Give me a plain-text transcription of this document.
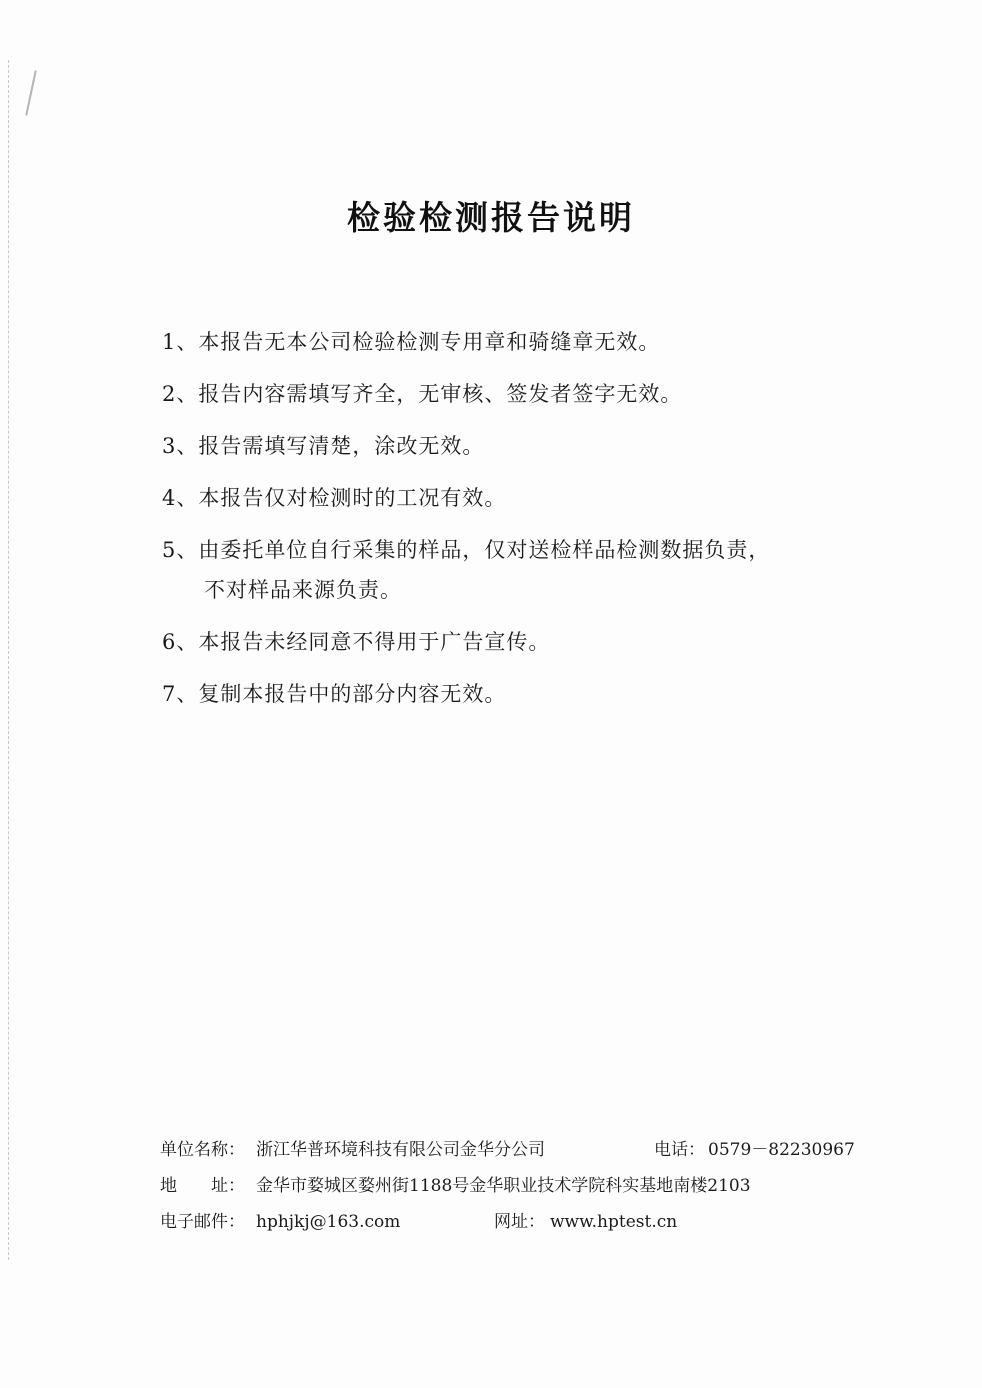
检验检测报告说明
1、本报告无本公司检验检测专用章和骑缝章无效。
2、报告内容需填写齐全，无审核、签发者签字无效。
3、报告需填写清楚，涂改无效。
4、本报告仅对检测时的工况有效。
5、由委托单位自行采集的样品，仅对送检样品检测数据负责，
不对样品来源负责。
6、本报告未经同意不得用于广告宣传。
7、复制本报告中的部分内容无效。
单位名称： 浙江华普环境科技有限公司金华分公司	电话： 0579－82230967
地　　址： 金华市婺城区婺州街1188号金华职业技术学院科实基地南楼2103
电子邮件： hphjkj@163.com	网址： www.hptest.cn
